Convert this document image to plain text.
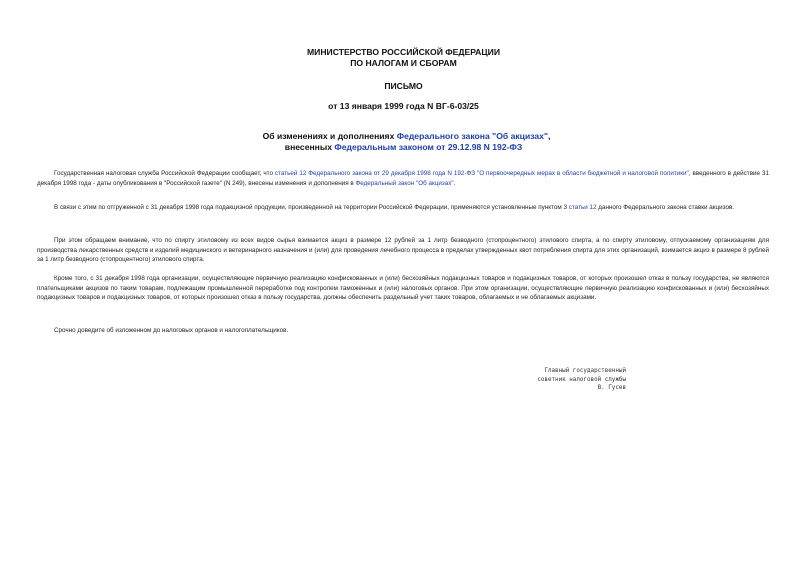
МИНИСТЕРСТВО РОССИЙСКОЙ ФЕДЕРАЦИИ
ПО НАЛОГАМ И СБОРАМ
ПИСЬМО
от 13 января 1999 года N ВГ-6-03/25
Об изменениях и дополнениях Федерального закона "Об акцизах",
внесенных Федеральным законом от 29.12.98 N 192-ФЗ

Государственная налоговая служба Российской Федерации сообщает, что статьей 12 Федерального закона от 29 декабря 1998 года N 192-ФЗ "О первоочередных мерах в области бюджетной и налоговой политики", введенного в действие 31 декабря 1998 года - даты опубликования в "Российской газете" (N 249), внесены изменения и дополнения в Федеральный закон "Об акцизах".

В связи с этим по отгруженной с 31 декабря 1998 года подакцизной продукции, произведенной на территории Российской Федерации, применяются установленные пунктом 3 статьи 12 данного Федерального закона ставки акцизов.

При этом обращаем внимание, что по спирту этиловому из всех видов сырья взимается акциз в размере 12 рублей за 1 литр безводного (стопроцентного) этилового спирта, а по спирту этиловому, отпускаемому организациям для производства лекарственных средств и изделий медицинского и ветеринарного назначения и (или) для проведения лечебного процесса в пределах утвержденных квот потребления спирта для этих организаций, взимается акциз в размере 8 рублей за 1 литр безводного (стопроцентного) этилового спирта.

Кроме того, с 31 декабря 1998 года организации, осуществляющие первичную реализацию конфискованных и (или) бесхозяйных подакцизных товаров и подакцизных товаров, от которых произошел отказ в пользу государства, не являются плательщиками акцизов по таким товарам, подлежащим промышленной переработке под контролем таможенных и (или) налоговых органов. При этом организации, осуществляющие первичную реализацию конфискованных и (или) бесхозяйных подакцизных товаров и подакцизных товаров, от которых произошел отказ в пользу государства, должны обеспечить раздельный учет таких товаров, облагаемых и не облагаемых акцизами.

Срочно доведите об изложенном до налоговых органов и налогоплательщиков.

Главный государственный
советник налоговой службы
В. Гусев
